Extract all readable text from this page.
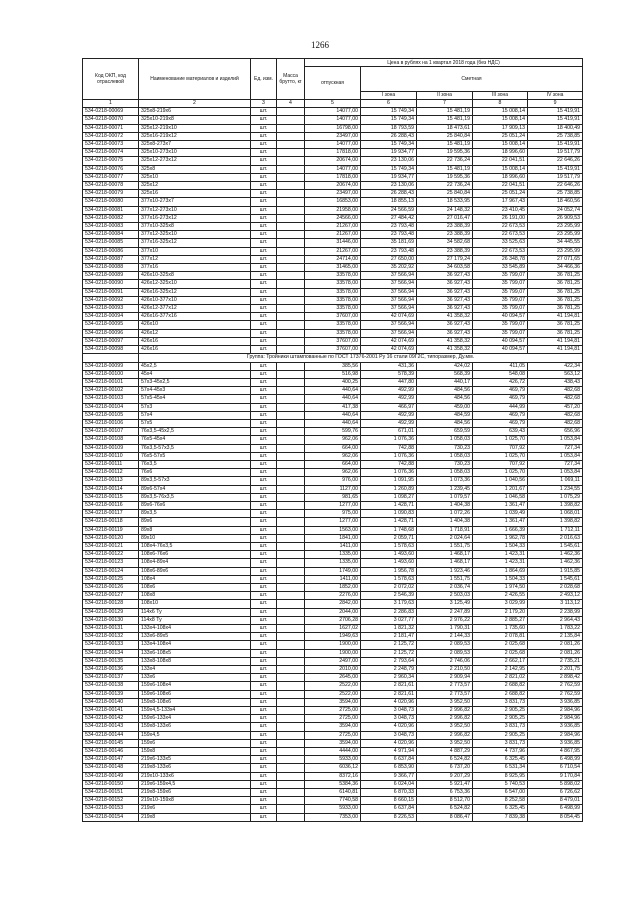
1266
Код ОКП, код отраслевой	Наименование материалов и изделий	Ед. изм.	Масса брутто, кг	Цена в рублях на 1 квартал 2018 года (без НДС)				
				отпускная	Сметная			
					I зона	II зона	III зона	IV зона
1	2	3	4	5	6	7	8	9
534-0218-00069	325х8-219х6	шт.		14077,00	15 749,34	15 481,19	15 008,14	15 419,91
534-0218-00070	325х10-219х8	шт.		14077,00	15 749,34	15 481,19	15 008,14	15 419,91
534-0218-00071	325х12-219х10	шт.		16798,00	18 793,59	18 473,61	17 909,13	18 400,49
534-0218-00072	325х16-219х12	шт.		23497,00	26 288,43	25 840,84	25 051,24	25 738,85
534-0218-00073	325х8-273х7	шт.		14077,00	15 749,34	15 481,19	15 008,14	15 419,91
534-0218-00074	325х10-273х10	шт.		17818,00	19 934,77	19 595,36	18 996,60	19 517,79
534-0218-00075	325х12-273х12	шт.		20674,00	23 130,06	22 736,24	22 041,51	22 646,26
534-0218-00076	325х8	шт.		14077,00	15 749,34	15 481,19	15 008,14	15 419,91
534-0218-00077	325х10	шт.		17818,00	19 934,77	19 595,36	18 996,60	19 517,79
534-0218-00078	325х12	шт.		20674,00	23 130,06	22 736,24	22 041,51	22 646,26
534-0218-00079	325х16	шт.		23497,00	26 288,43	25 840,84	25 051,24	25 738,85
534-0218-00080	377х10-273х7	шт.		16853,00	18 855,13	18 533,95	17 967,43	18 460,56
534-0218-00081	377х12-273х10	шт.		21958,00	24 566,59	24 148,32	23 410,45	24 052,74
534-0218-00082	377х16-273х12	шт.		24566,00	27 484,42	27 016,47	26 191,00	26 909,53
534-0218-00083	377х10-325х8	шт.		21267,00	23 793,48	23 388,39	22 673,53	23 295,99
534-0218-00084	377х12-325х10	шт.		21267,00	23 793,48	23 388,39	22 673,53	23 295,99
534-0218-00085	377х16-325х12	шт.		31446,00	35 181,69	34 582,68	33 525,63	34 445,55
534-0218-00086	377х10	шт.		21267,00	23 793,48	23 388,39	22 673,53	23 295,99
534-0218-00087	377х12	шт.		24714,00	27 650,00	27 179,24	26 348,78	27 071,65
534-0218-00088	377х16	шт.		31465,00	35 202,92	34 603,58	33 545,89	34 466,36
534-0218-00089	426х10-325х8	шт.		33578,00	37 566,94	36 927,43	35 799,07	36 781,25
534-0218-00090	426х12-325х10	шт.		33578,00	37 566,94	36 927,43	35 799,07	36 781,25
534-0218-00091	426х16-325х12	шт.		33578,00	37 566,94	36 927,43	35 799,07	36 781,25
534-0218-00092	426х10-377х10	шт.		33578,00	37 566,94	36 927,43	35 799,07	36 781,25
534-0218-00093	426х12-377х12	шт.		33578,00	37 566,94	36 927,43	35 799,07	36 781,25
534-0218-00094	426х16-377х16	шт.		37607,00	42 074,69	41 358,32	40 094,57	41 194,81
534-0218-00095	426х10	шт.		33578,00	37 566,94	36 927,43	35 799,07	36 781,25
534-0218-00096	426х12	шт.		33578,00	37 566,94	36 927,43	35 799,07	36 781,25
534-0218-00097	426х16	шт.		37607,00	42 074,69	41 358,32	40 094,57	41 194,81
534-0218-00098	426х16	шт.		37607,00	42 074,69	41 358,32	40 094,57	41 194,81
	Группа: Тройники штампованные по ГОСТ 17376-2001 Ру 16 стали 09Г2С, типоразмер, Ду.мм.							
534-0218-00099	45х2,5	шт.		385,56	431,36	424,02	411,05	422,34
534-0218-00100	45х4	шт.		516,98	578,39	568,39	548,08	563,12
534-0218-00101	57х3-45х2,5	шт.		400,25	447,80	440,17	426,72	438,43
534-0218-00102	57х4-45х3	шт.		440,64	492,99	484,56	469,79	482,68
534-0218-00103	57х5-45х4	шт.		440,64	492,99	484,56	469,79	482,68
534-0218-00104	57х3	шт.		417,38	466,97	459,00	444,99	457,20
534-0218-00105	57х4	шт.		440,64	492,99	484,59	469,79	482,68
534-0218-00106	57х5	шт.		440,64	492,99	484,56	469,79	482,68
534-0218-00107	76х3,5-45х2,5	шт.		599,76	671,01	659,59	639,43	656,96
534-0218-00108	76х5-45х4	шт.		962,06	1 076,36	1 058,03	1 025,70	1 053,84
534-0218-00109	76х3,5-57х3,5	шт.		664,00	742,88	730,23	707,92	727,34
534-0218-00110	76х5-57х5	шт.		962,06	1 076,36	1 058,03	1 025,70	1 053,84
534-0218-00111	76х3,5	шт.		664,00	742,88	730,23	707,92	727,34
534-0218-00112	76х6	шт.		962,06	1 076,36	1 058,03	1 025,70	1 053,84
534-0218-00113	89х3,5-57х3	шт.		976,00	1 091,95	1 073,36	1 040,56	1 069,11
534-0218-00114	89х6-57х4	шт.		1127,00	1 260,89	1 239,45	1 201,67	1 234,55
534-0218-00115	89х3,5-76х3,5	шт.		981,65	1 098,27	1 079,57	1 046,58	1 075,29
534-0218-00116	89х6-76х6	шт.		1277,00	1 428,71	1 404,38	1 361,47	1 398,82
534-0218-00117	89х3,5	шт.		975,00	1 090,83	1 072,26	1 039,49	1 068,01
534-0218-00118	89х6	шт.		1277,00	1 428,71	1 404,38	1 361,47	1 398,82
534-0218-00119	89х8	шт.		1563,00	1 748,68	1 718,91	1 666,39	1 712,11
534-0218-00120	89х10	шт.		1841,00	2 059,71	2 024,64	1 962,78	2 016,63
534-0218-00121	108х4-76х3,5	шт.		1411,00	1 578,63	1 551,75	1 504,33	1 545,61
534-0218-00122	108х6-76х6	шт.		1335,00	1 493,60	1 468,17	1 423,31	1 462,36
534-0218-00123	108х4-89х4	шт.		1335,00	1 493,60	1 468,17	1 423,31	1 462,36
534-0218-00124	108х6-89х6	шт.		1749,00	1 956,78	1 923,46	1 864,69	1 915,85
534-0218-00125	108х4	шт.		1411,00	1 578,63	1 551,75	1 504,33	1 545,61
534-0218-00126	108х6	шт.		1852,00	2 072,02	2 036,74	1 974,50	2 028,68
534-0218-00127	108х8	шт.		2276,00	2 546,39	2 503,03	2 426,55	2 493,12
534-0218-00128	108х10	шт.		2842,00	3 179,63	3 125,49	3 029,99	3 113,12
534-0218-00129	114х6 Ту	шт.		2044,00	2 286,83	2 247,89	2 179,20	2 238,99
534-0218-00130	114х8 Ту	шт.		2706,28	3 027,77	2 976,22	2 885,27	2 964,43
534-0218-00131	133х4-108х4	шт.		1627,02	1 821,32	1 790,31	1 735,60	1 783,22
534-0218-00132	133х6-89х5	шт.		1949,63	2 181,47	2 144,33	2 078,81	2 135,84
534-0218-00133	133х4-108х4	шт.		1900,00	2 125,72	2 089,53	2 025,68	2 081,26
534-0218-00134	133х6-108х5	шт.		1900,00	2 125,72	2 089,53	2 025,68	2 081,26
534-0218-00135	133х8-108х8	шт.		2497,00	2 793,64	2 746,06	2 662,17	2 735,21
534-0218-00136	133х4	шт.		2010,00	2 248,79	2 210,50	2 142,95	2 201,75
534-0218-00137	133х6	шт.		2645,00	2 960,34	2 909,94	2 821,02	2 898,42
534-0218-00138	159х6-108х4	шт.		2522,00	2 821,61	2 773,57	2 688,82	2 762,59
534-0218-00139	159х6-108х6	шт.		2522,00	2 821,61	2 773,57	2 688,82	2 762,59
534-0218-00140	159х8-108х6	шт.		3594,00	4 020,96	3 952,50	3 831,73	3 936,85
534-0218-00141	159х4,5-133х4	шт.		2725,00	3 048,73	2 996,82	2 905,25	2 984,96
534-0218-00142	159х6-133х4	шт.		2725,00	3 048,73	2 996,82	2 905,25	2 984,96
534-0218-00143	159х8-133х6	шт.		3594,00	4 020,96	3 952,50	3 831,73	3 936,85
534-0218-00144	159х4,5	шт.		2725,00	3 048,73	2 996,82	2 905,25	2 984,96
534-0218-00145	159х6	шт.		3594,00	4 020,96	3 952,50	3 831,73	3 936,85
534-0218-00146	159х8	шт.		4444,00	4 971,94	4 887,29	4 737,96	4 867,95
534-0218-00147	219х6-133х5	шт.		5933,00	6 637,84	6 524,82	6 325,45	6 498,99
534-0218-00148	219х8-133х6	шт.		6036,12	6 853,90	6 737,20	6 531,34	6 710,54
534-0218-00149	219х10-133х6	шт.		8372,16	9 366,77	9 207,29	8 925,95	9 170,84
534-0218-00150	219х6-159х4,5	шт.		5384,36	6 024,04	5 921,47	5 740,53	5 898,02
534-0218-00151	219х8-159х6	шт.		6140,81	6 870,33	6 753,36	6 547,00	6 726,62
534-0218-00152	219х10-159х8	шт.		7740,58	8 660,15	8 512,70	8 252,58	8 479,01
534-0218-00153	219х6	шт.		5933,00	6 637,84	6 524,82	6 325,45	6 498,99
534-0218-00154	219х8	шт.		7353,00	8 226,53	8 086,47	7 839,38	8 054,45
